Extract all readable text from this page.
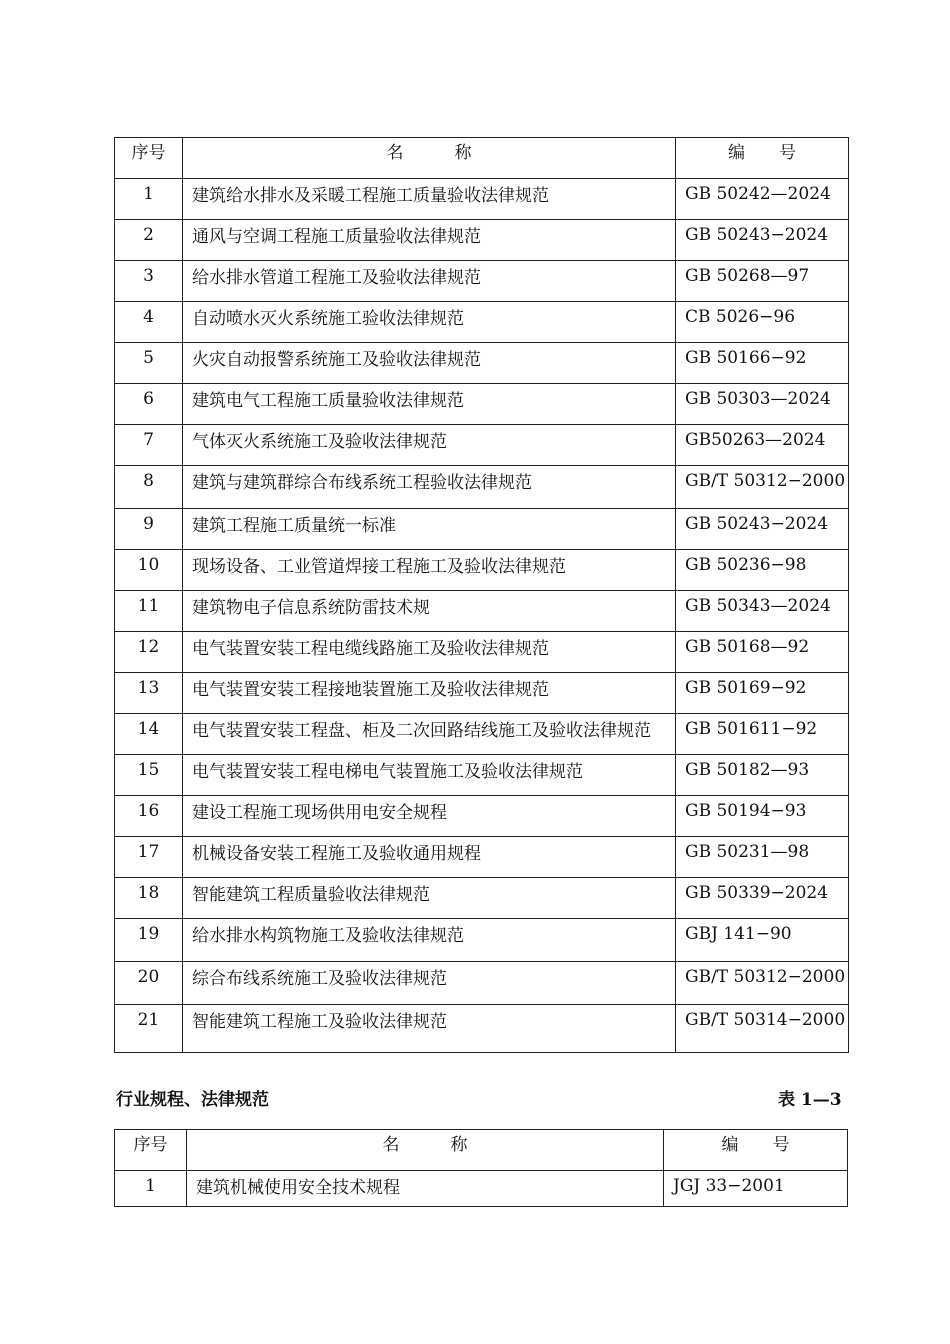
序号	名　　　称	编　　号
1	建筑给水排水及采暖工程施工质量验收法律规范	GB 50242—2024
2	通风与空调工程施工质量验收法律规范	GB 50243−2024
3	给水排水管道工程施工及验收法律规范	GB 50268—97
4	自动喷水灭火系统施工验收法律规范	CB 5026−96
5	火灾自动报警系统施工及验收法律规范	GB 50166−92
6	建筑电气工程施工质量验收法律规范	GB 50303—2024
7	气体灭火系统施工及验收法律规范	GB50263—2024
8	建筑与建筑群综合布线系统工程验收法律规范	GB/T 50312−2000
9	建筑工程施工质量统一标准	GB 50243−2024
10	现场设备、工业管道焊接工程施工及验收法律规范	GB 50236−98
11	建筑物电子信息系统防雷技术规	GB 50343—2024
12	电气装置安装工程电缆线路施工及验收法律规范	GB 50168—92
13	电气装置安装工程接地装置施工及验收法律规范	GB 50169−92
14	电气装置安装工程盘、柜及二次回路结线施工及验收法律规范	GB 501611−92
15	电气装置安装工程电梯电气装置施工及验收法律规范	GB 50182—93
16	建设工程施工现场供用电安全规程	GB 50194−93
17	机械设备安装工程施工及验收通用规程	GB 50231—98
18	智能建筑工程质量验收法律规范	GB 50339−2024
19	给水排水构筑物施工及验收法律规范	GBJ 141−90
20	综合布线系统施工及验收法律规范	GB/T 50312−2000
21	智能建筑工程施工及验收法律规范	GB/T 50314−2000
行业规程、法律规范	表 1—3
序号	名　　　称	编　　号
1	建筑机械使用安全技术规程	JGJ 33−2001
